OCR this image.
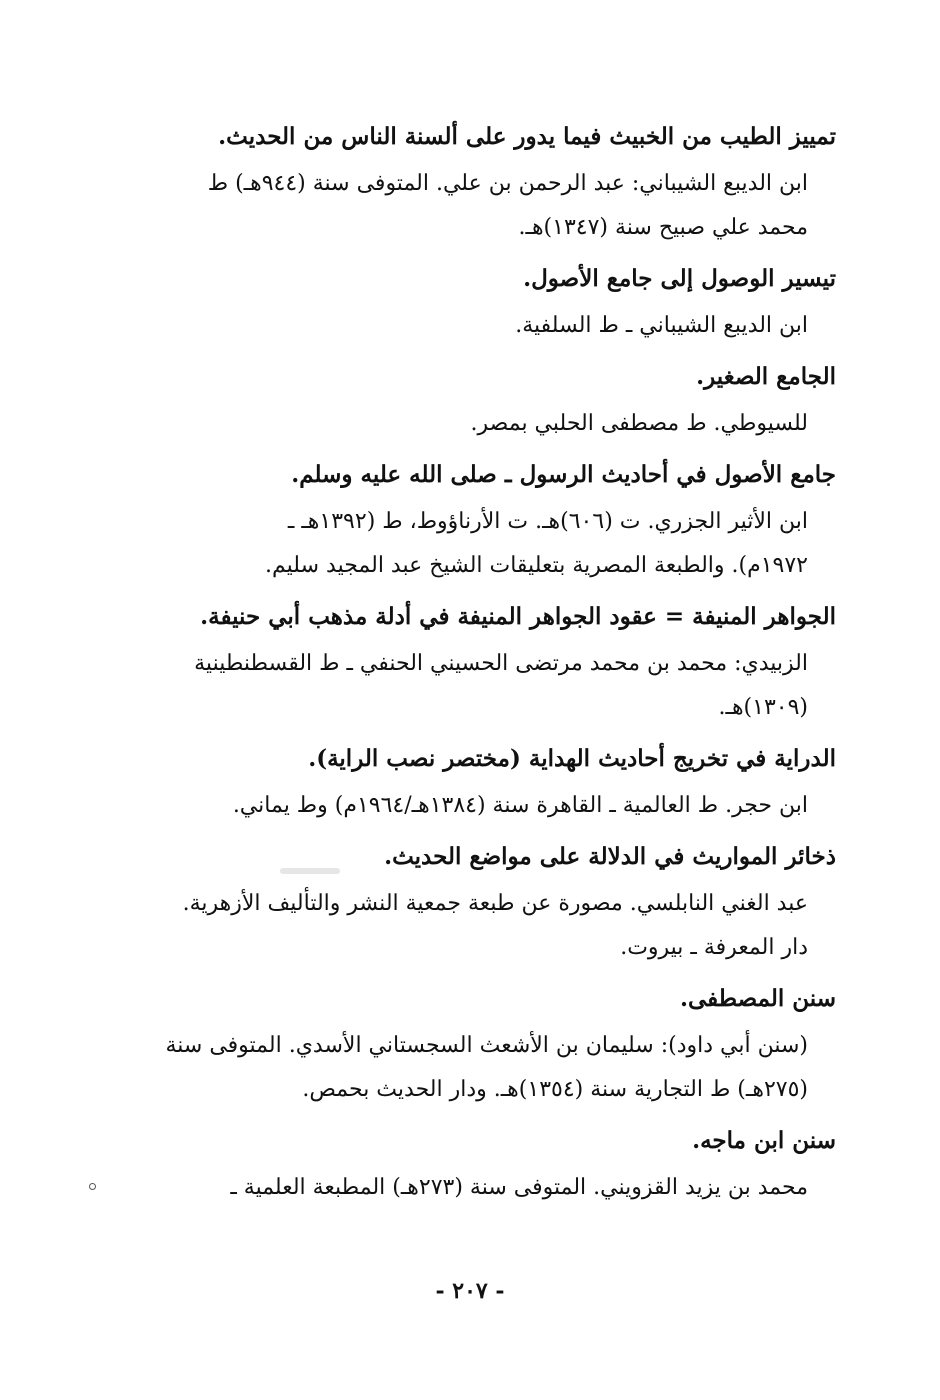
تمييز الطيب من الخبيث فيما يدور على ألسنة الناس من الحديث.
ابن الديبع الشيباني: عبد الرحمن بن علي. المتوفى سنة (٩٤٤هـ) ط
محمد علي صبيح سنة (١٣٤٧)هـ.
تيسير الوصول إلى جامع الأصول.
ابن الديبع الشيباني ـ ط السلفية.
الجامع الصغير.
للسيوطي. ط مصطفى الحلبي بمصر.
جامع الأصول في أحاديث الرسول ـ صلى الله عليه وسلم.
ابن الأثير الجزري. ت (٦٠٦)هـ. ت الأرناؤوط، ط (١٣٩٢هـ ـ
١٩٧٢م). والطبعة المصرية بتعليقات الشيخ عبد المجيد سليم.
الجواهر المنيفة = عقود الجواهر المنيفة في أدلة مذهب أبي حنيفة.
الزبيدي: محمد بن محمد مرتضى الحسيني الحنفي ـ ط القسطنطينية
(١٣٠٩)هـ.
الدراية في تخريج أحاديث الهداية (مختصر نصب الراية).
ابن حجر. ط العالمية ـ القاهرة سنة (١٣٨٤هـ/١٩٦٤م) وط يماني.
ذخائر المواريث في الدلالة على مواضع الحديث.
عبد الغني النابلسي. مصورة عن طبعة جمعية النشر والتأليف الأزهرية.
دار المعرفة ـ بيروت.
سنن المصطفى.
(سنن أبي داود): سليمان بن الأشعث السجستاني الأسدي. المتوفى سنة
(٢٧٥هـ) ط التجارية سنة (١٣٥٤)هـ. ودار الحديث بحمص.
سنن ابن ماجه.
محمد بن يزيد القزويني. المتوفى سنة (٢٧٣هـ) المطبعة العلمية ـ
- ٢٠٧ -
